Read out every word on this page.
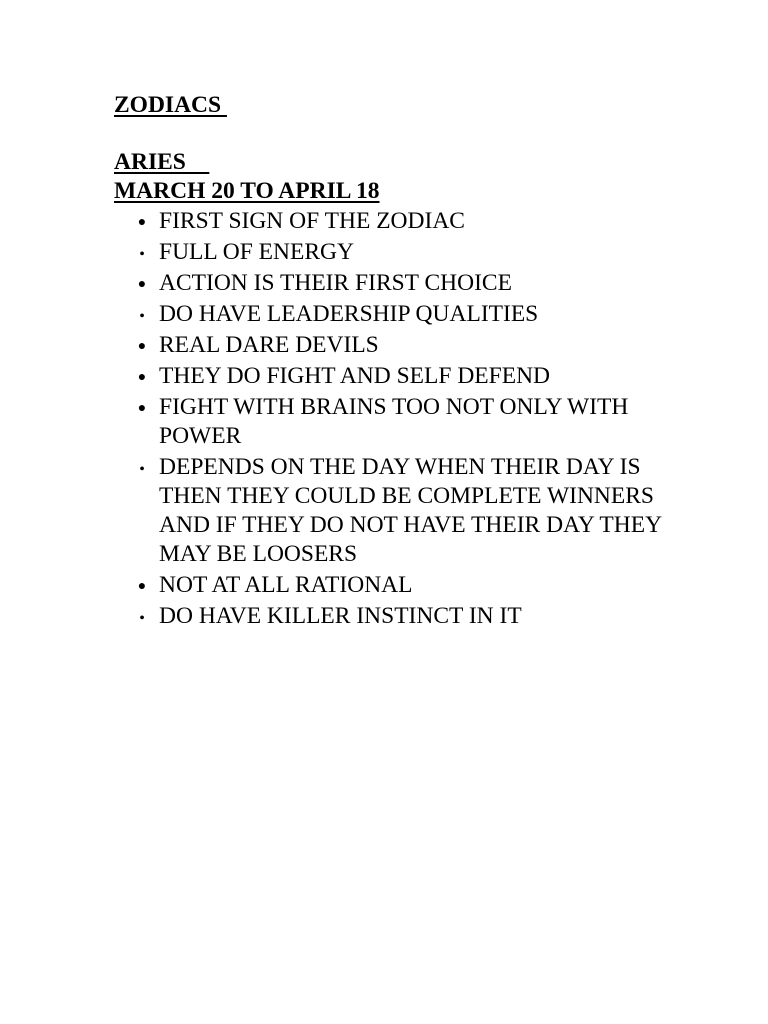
ZODIACS

ARIES

MARCH 20 TO APRIL 18

●
FIRST SIGN OF THE ZODIAC
•
FULL OF ENERGY
●
ACTION IS THEIR FIRST CHOICE
•
DO HAVE LEADERSHIP QUALITIES
●
REAL DARE DEVILS
●
THEY DO FIGHT AND SELF DEFEND
●
FIGHT WITH BRAINS TOO NOT ONLY WITH POWER
•
DEPENDS ON THE DAY WHEN THEIR DAY IS THEN THEY COULD BE COMPLETE WINNERS AND IF THEY DO NOT HAVE THEIR DAY THEY MAY BE LOOSERS
●
NOT AT ALL RATIONAL
•
DO HAVE KILLER INSTINCT IN IT
